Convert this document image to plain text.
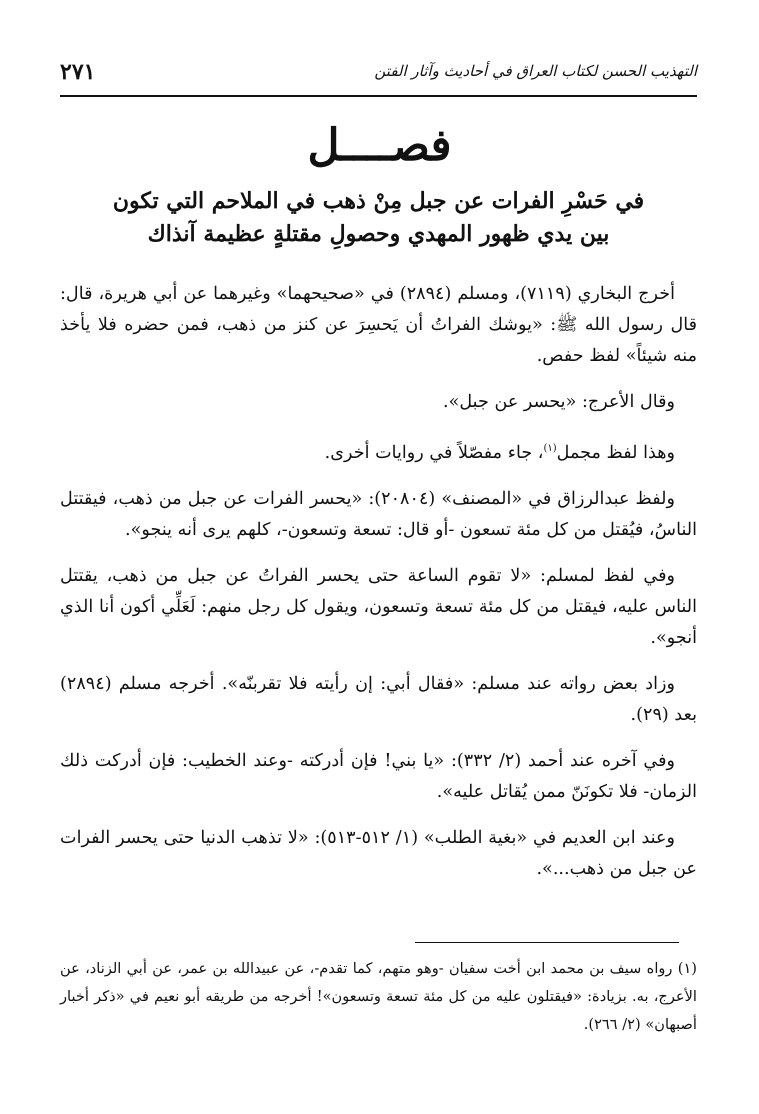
٢٧١	التهذيب الحسن لكتاب العراق في أحاديث وآثار الفتن
فصــــل
في حَسْرِ الفرات عن جبل مِنْ ذهب في الملاحم التي تكون
بين يدي ظهور المهدي وحصولِ مقتلةٍ عظيمة آنذاك

أخرج البخاري (٧١١٩)، ومسلم (٢٨٩٤) في «صحيحهما» وغيرهما عن أبي هريرة، قال: قال رسول الله ﷺ: «يوشك الفراتُ أن يَحسِرَ عن كنز من ذهب، فمن حضره فلا يأخذ منه شيئاً» لفظ حفص.

وقال الأعرج: «يحسر عن جبل».

وهذا لفظ مجمل$^{(١)}$، جاء مفصّلاً في روايات أخرى.

ولفظ عبدالرزاق في «المصنف» (٢٠٨٠٤): «يحسر الفرات عن جبل من ذهب، فيقتتل الناسُ، فيُقتل من كل مئة تسعون -أو قال: تسعة وتسعون-، كلهم يرى أنه ينجو».

وفي لفظ لمسلم: «لا تقوم الساعة حتى يحسر الفراتُ عن جبل من ذهب، يقتتل الناس عليه، فيقتل من كل مئة تسعة وتسعون، ويقول كل رجل منهم: لَعَلِّي أكون أنا الذي أنجو».

وزاد بعض رواته عند مسلم: «فقال أبي: إن رأيته فلا تقربنّه». أخرجه مسلم (٢٨٩٤) بعد (٢٩).

وفي آخره عند أحمد (٢/ ٣٣٢): «يا بني! فإن أدركته -وعند الخطيب: فإن أدركت ذلك الزمان- فلا تكونَنّ ممن يُقاتل عليه».

وعند ابن العديم في «بغية الطلب» (١/ ٥١٢-٥١٣): «لا تذهب الدنيا حتى يحسر الفرات عن جبل من ذهب...».

(١) رواه سيف بن محمد ابن أخت سفيان -وهو متهم، كما تقدم-، عن عبيدالله بن عمر، عن أبي الزناد، عن الأعرج، به. بزيادة: «فيقتلون عليه من كل مئة تسعة وتسعون»! أخرجه من طريقه أبو نعيم في «ذكر أخبار أصبهان» (٢/ ٢٦٦).
